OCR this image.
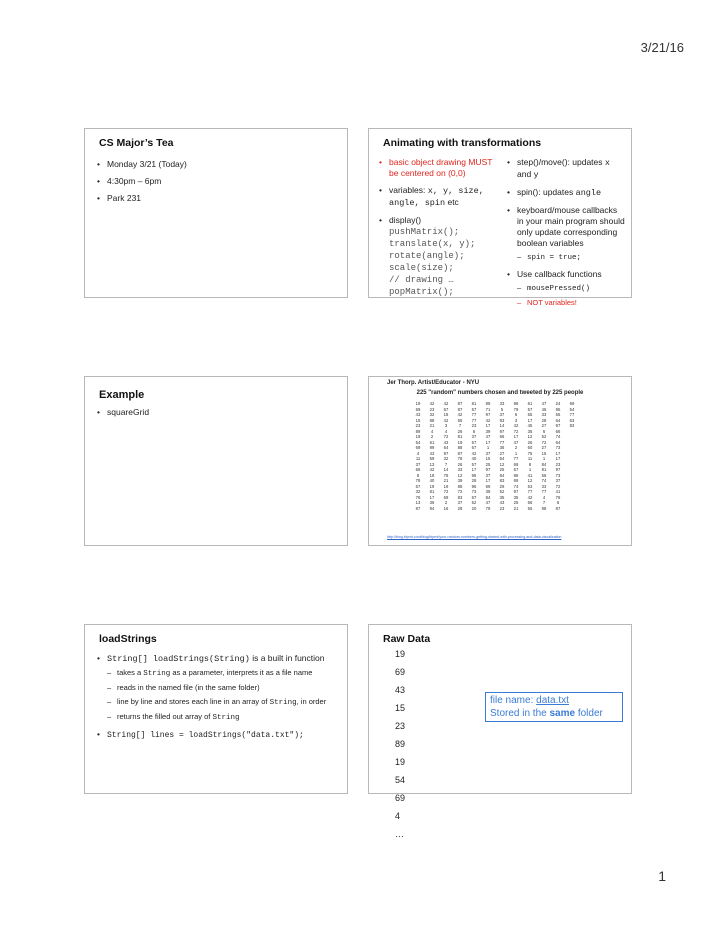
3/21/16
CS Major’s Tea
• Monday 3/21 (Today)
• 4:30pm – 6pm
• Park 231
Animating with transformations
• basic object drawing MUST be centered on (0,0)
• variables: x, y, size, angle, spin etc
• display()
pushMatrix();
translate(x, y);
rotate(angle);
scale(size);
// drawing …
popMatrix();
• step()/move(): updates x and y
• spin(): updates angle
• keyboard/mouse callbacks in your main program should only update corresponding boolean variables
– spin = true;
• Use callback functions
– mousePressed()
– NOT variables!
Example
• squareGrid
Jer Thorp. Artist/Educator - NYU
225 "random" numbers chosen and tweeted by 225 people
19	42	42	87	81	99	33	98	61	47	24	69
69	23	67	87	57	71	5	79	57	46	95	54
43	32	18	42	77	97	37	6	55	33	55	77
15	88	42	55	77	42	93	3	17	28	64	63
23	21	3	7	23	17	14	42	45	27	97	83
89	4	4	26	6	39	97	72	35	6	66	
19	2	72	81	37	47	66	17	12	52	74	
54	61	43	19	57	17	77	47	26	72	64	
69	99	64	88	67	1	36	2	60	27	73	
4	43	97	87	42	37	27	1	75	15	17	
11	59	32	78	40	15	64	77	11	1	17	
37	13	7	26	57	25	12	69	8	84	23	
66	42	14	33	17	97	25	57	1	81	97	
8	18	78	12	95	37	84	86	41	56	73	
78	40	21	39	28	17	83	69	12	74	37	
67	19	19	88	96	69	29	74	53	33	72	
32	81	72	72	73	39	52	97	77	77	41	
76	17	69	83	67	84	35	35	42	4	76	
13	36	2	37	52	47	43	25	66	7	6	
87	94	16	28	20	79	23	21	55	98	87	
http://blog.blprnt.com/blog/blprnt/your-random-numbers-getting-started-with-processing-and-data-visualization
loadStrings
• String[] loadStrings(String) is a built in function
– takes a String as a parameter, interprets it as a file name
– reads in the named file (in the same folder)
– line by line and stores each line in an array of String, in order
– returns the filled out array of String
• String[] lines = loadStrings("data.txt");
Raw Data
19
69
43
15
23
89
19
54
69
4
…
file name: data.txt
Stored in the same folder
1
